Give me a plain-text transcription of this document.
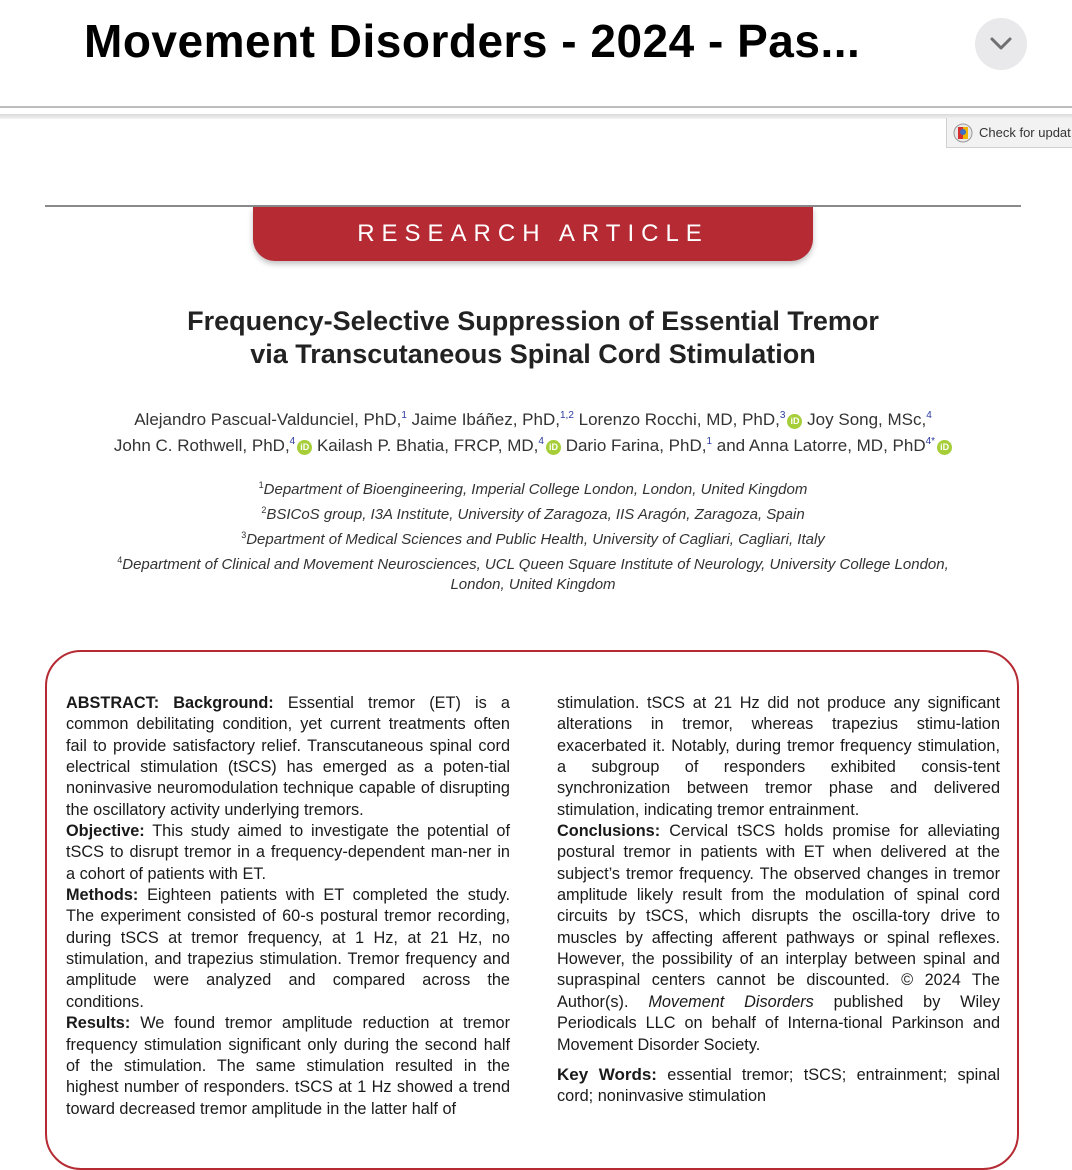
Movement Disorders - 2024 - Pas...
Check for updat
RESEARCH ARTICLE
Frequency-Selective Suppression of Essential Tremor
via Transcutaneous Spinal Cord Stimulation
Alejandro Pascual-Valdunciel, PhD,$^1$ Jaime Ibáñez, PhD,$^{1,2}$ Lorenzo Rocchi, MD, PhD,$^3$ iD Joy Song, MSc,$^4$
John C. Rothwell, PhD,$^4$ iD Kailash P. Bhatia, FRCP, MD,$^4$ iD Dario Farina, PhD,$^1$ and Anna Latorre, MD, PhD$^{4*}$ iD
$^1$Department of Bioengineering, Imperial College London, London, United Kingdom
$^2$BSICoS group, I3A Institute, University of Zaragoza, IIS Aragón, Zaragoza, Spain
$^3$Department of Medical Sciences and Public Health, University of Cagliari, Cagliari, Italy
$^4$Department of Clinical and Movement Neurosciences, UCL Queen Square Institute of Neurology, University College London,
London, United Kingdom

ABSTRACT: Background: Essential tremor (ET) is a common debilitating condition, yet current treatments often fail to provide satisfactory relief. Transcutaneous spinal cord electrical stimulation (tSCS) has emerged as a poten-tial noninvasive neuromodulation technique capable of disrupting the oscillatory activity underlying tremors.

Objective: This study aimed to investigate the potential of tSCS to disrupt tremor in a frequency-dependent man-ner in a cohort of patients with ET.

Methods: Eighteen patients with ET completed the study. The experiment consisted of 60-s postural tremor recording, during tSCS at tremor frequency, at 1 Hz, at 21 Hz, no stimulation, and trapezius stimulation. Tremor frequency and amplitude were analyzed and compared across the conditions.

Results: We found tremor amplitude reduction at tremor frequency stimulation significant only during the second half of the stimulation. The same stimulation resulted in the highest number of responders. tSCS at 1 Hz showed a trend toward decreased tremor amplitude in the latter half of

stimulation. tSCS at 21 Hz did not produce any significant alterations in tremor, whereas trapezius stimu-lation exacerbated it. Notably, during tremor frequency stimulation, a subgroup of responders exhibited consis-tent synchronization between tremor phase and delivered stimulation, indicating tremor entrainment.

Conclusions: Cervical tSCS holds promise for alleviating postural tremor in patients with ET when delivered at the subject’s tremor frequency. The observed changes in tremor amplitude likely result from the modulation of spinal cord circuits by tSCS, which disrupts the oscilla-tory drive to muscles by affecting afferent pathways or spinal reflexes. However, the possibility of an interplay between spinal and supraspinal centers cannot be discounted. © 2024 The Author(s). Movement Disorders published by Wiley Periodicals LLC on behalf of Interna-tional Parkinson and Movement Disorder Society.

Key Words: essential tremor; tSCS; entrainment; spinal cord; noninvasive stimulation
